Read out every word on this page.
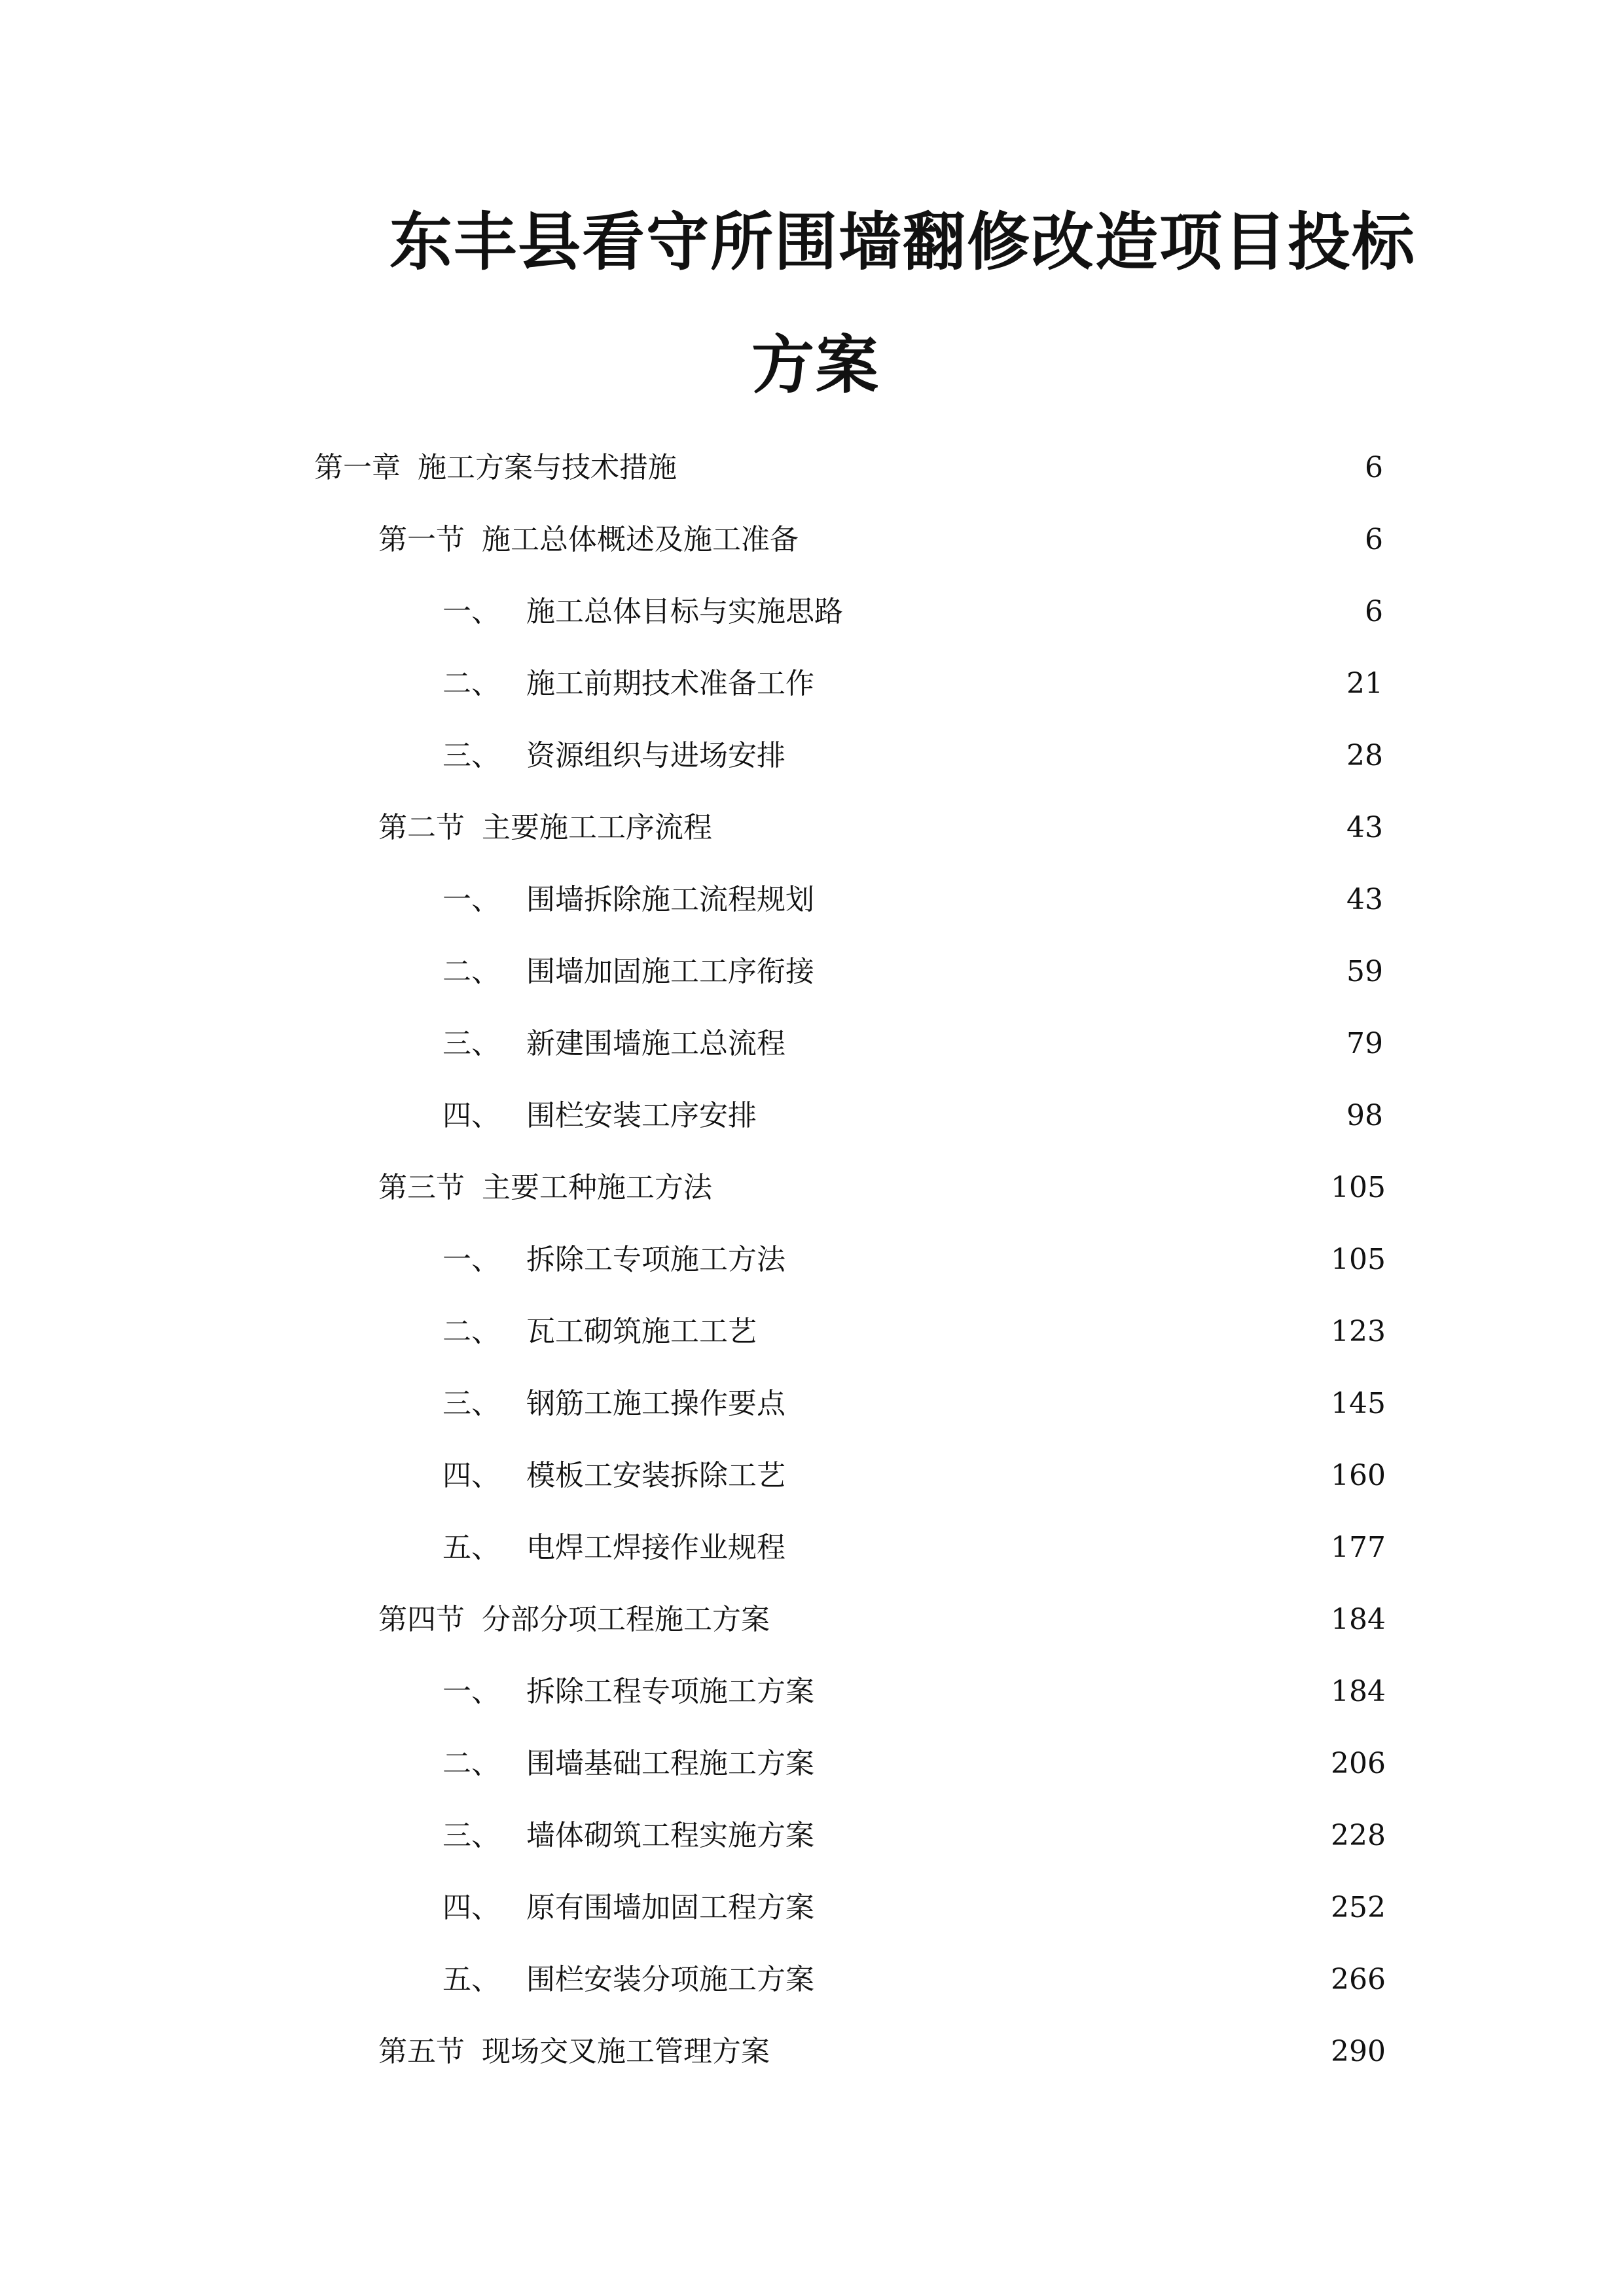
东丰县看守所围墙翻修改造项目投标
方案
第一章 施工方案与技术措施	6
第一节 施工总体概述及施工准备	6
一、 施工总体目标与实施思路	6
二、 施工前期技术准备工作	21
三、 资源组织与进场安排	28
第二节 主要施工工序流程	43
一、 围墙拆除施工流程规划	43
二、 围墙加固施工工序衔接	59
三、 新建围墙施工总流程	79
四、 围栏安装工序安排	98
第三节 主要工种施工方法	105
一、 拆除工专项施工方法	105
二、 瓦工砌筑施工工艺	123
三、 钢筋工施工操作要点	145
四、 模板工安装拆除工艺	160
五、 电焊工焊接作业规程	177
第四节 分部分项工程施工方案	184
一、 拆除工程专项施工方案	184
二、 围墙基础工程施工方案	206
三、 墙体砌筑工程实施方案	228
四、 原有围墙加固工程方案	252
五、 围栏安装分项施工方案	266
第五节 现场交叉施工管理方案	290
